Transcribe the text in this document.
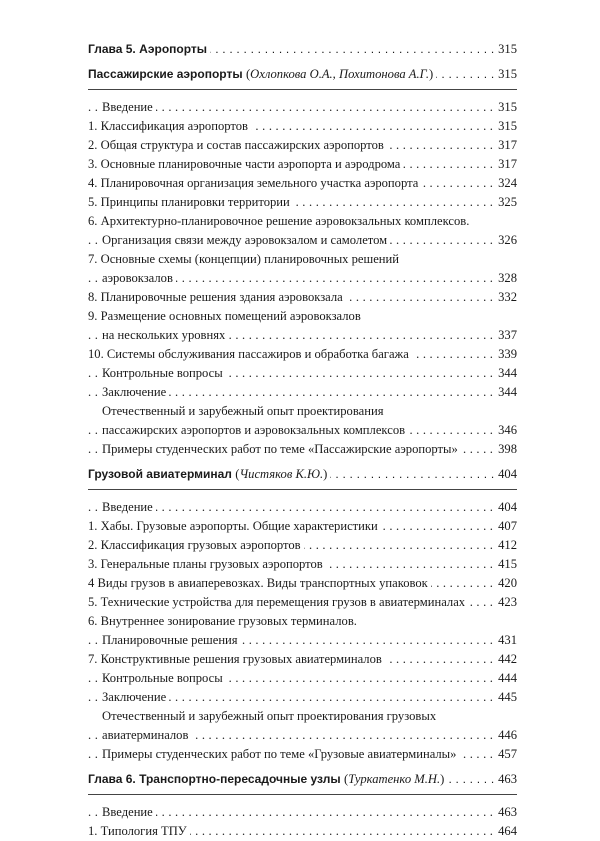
Глава 5. Аэропорты	315
. . .
Пассажирские аэропорты (Охлопкова О.А., Похитонова А.Г.)	315
. . .
Введение	315
. . .
1. Классификация аэропортов	315
. . .
2. Общая структура и состав пассажирских аэропортов	317
. . .
3. Основные планировочные части аэропорта и аэродрома	317
. . .
4. Планировочная организация земельного участка аэропорта	324
. . .
5. Принципы планировки территории	325
. . .
6. Архитектурно-планировочное решение аэровокзальных комплексов.
Организация связи между аэровокзалом и самолетом	326
. . .
7. Основные схемы (концепции) планировочных решений
аэровокзалов	328
. . .
8. Планировочные решения здания аэровокзала	332
. . .
9. Размещение основных помещений аэровокзалов
на нескольких уровнях	337
. . .
10. Системы обслуживания пассажиров и обработка багажа	339
. . .
Контрольные вопросы	344
. . .
Заключение	344
. . .
Отечественный и зарубежный опыт проектирования
пассажирских аэропортов и аэровокзальных комплексов	346
. . .
Примеры студенческих работ по теме «Пассажирские аэропорты»	398
. . .
Грузовой авиатерминал (Чистяков К.Ю.)	404
. . .
Введение	404
. . .
1. Хабы. Грузовые аэропорты. Общие характеристики	407
. . .
2. Классификация грузовых аэропортов	412
. . .
3. Генеральные планы грузовых аэропортов	415
. . .
4 Виды грузов в авиаперевозках. Виды транспортных упаковок	420
. . .
5. Технические устройства для перемещения грузов в авиатерминалах	423
. . .
6. Внутреннее зонирование грузовых терминалов.
Планировочные решения	431
. . .
7. Конструктивные решения грузовых авиатерминалов	442
. . .
Контрольные вопросы	444
. . .
Заключение	445
. . .
Отечественный и зарубежный опыт проектирования грузовых
авиатерминалов	446
. . .
Примеры студенческих работ по теме «Грузовые авиатерминалы»	457
. . .
Глава 6. Транспортно-пересадочные узлы (Туркатенко М.Н.)	463
. . .
Введение	463
. . .
1. Типология ТПУ	464
. . .
